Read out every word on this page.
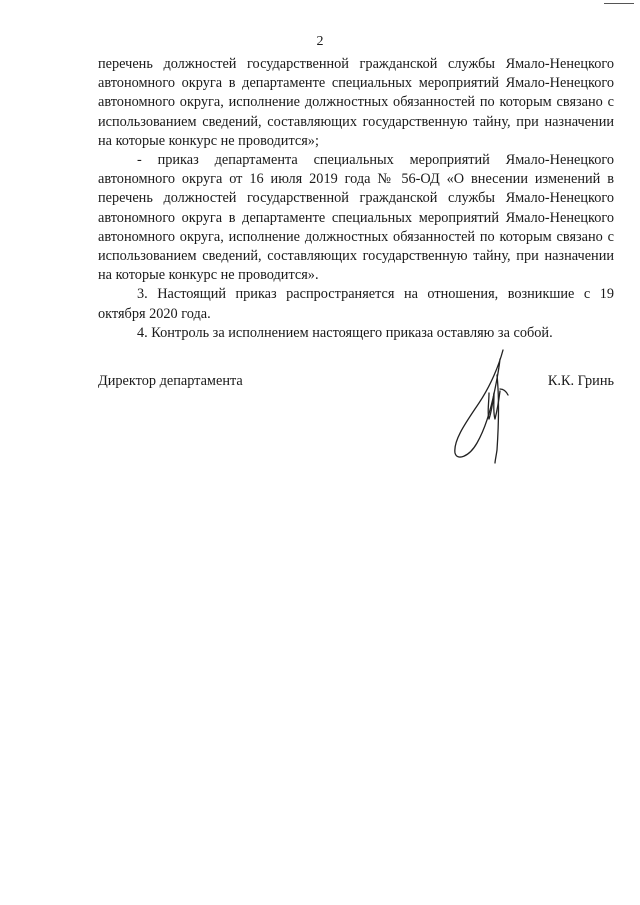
2

перечень должностей государственной гражданской службы Ямало-Ненецкого автономного округа в департаменте специальных мероприятий Ямало-Ненецкого автономного округа, исполнение должностных обязанностей по которым связано с использованием сведений, составляющих государственную тайну, при назначении на которые конкурс не проводится»;

- приказ департамента специальных мероприятий Ямало-Ненецкого автономного округа от 16 июля 2019 года № 56-ОД «О внесении изменений в перечень должностей государственной гражданской службы Ямало-Ненецкого автономного округа в департаменте специальных мероприятий Ямало-Ненецкого автономного округа, исполнение должностных обязанностей по которым связано с использованием сведений, составляющих государственную тайну, при назначении на которые конкурс не проводится».

3. Настоящий приказ распространяется на отношения, возникшие с 19 октября 2020 года.

4. Контроль за исполнением настоящего приказа оставляю за собой.

Директор департамента	К.К. Гринь
